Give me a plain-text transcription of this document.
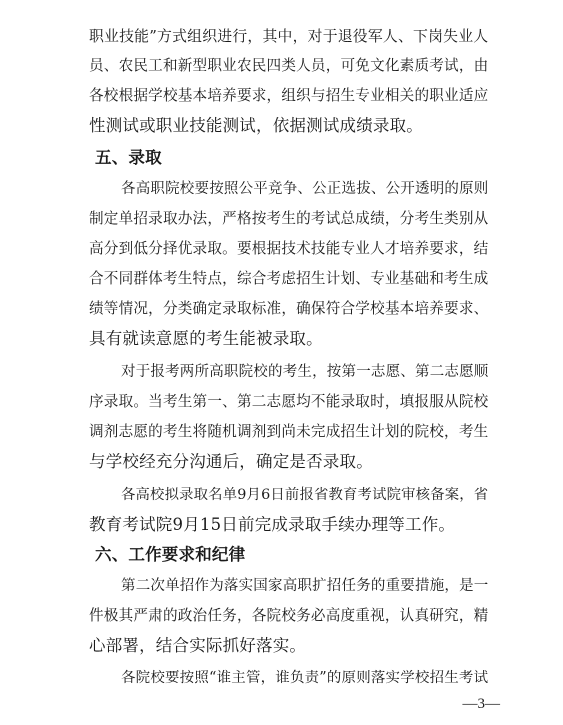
职业技能”方式组织进行，其中，对于退役军人、下岗失业人
员、农民工和新型职业农民四类人员，可免文化素质考试，由
各校根据学校基本培养要求，组织与招生专业相关的职业适应
性测试或职业技能测试，依据测试成绩录取。
五、录取
各高职院校要按照公平竞争、公正选拔、公开透明的原则
制定单招录取办法，严格按考生的考试总成绩，分考生类别从
高分到低分择优录取。要根据技术技能专业人才培养要求，结
合不同群体考生特点，综合考虑招生计划、专业基础和考生成
绩等情况，分类确定录取标准，确保符合学校基本培养要求、
具有就读意愿的考生能被录取。
对于报考两所高职院校的考生，按第一志愿、第二志愿顺
序录取。当考生第一、第二志愿均不能录取时，填报服从院校
调剂志愿的考生将随机调剂到尚未完成招生计划的院校，考生
与学校经充分沟通后，确定是否录取。
各高校拟录取名单9月6日前报省教育考试院审核备案，省
教育考试院9月15日前完成录取手续办理等工作。
六、工作要求和纪律
第二次单招作为落实国家高职扩招任务的重要措施，是一
件极其严肃的政治任务，各院校务必高度重视，认真研究，精
心部署，结合实际抓好落实。
各院校要按照“谁主管，谁负责”的原则落实学校招生考试
—3—
